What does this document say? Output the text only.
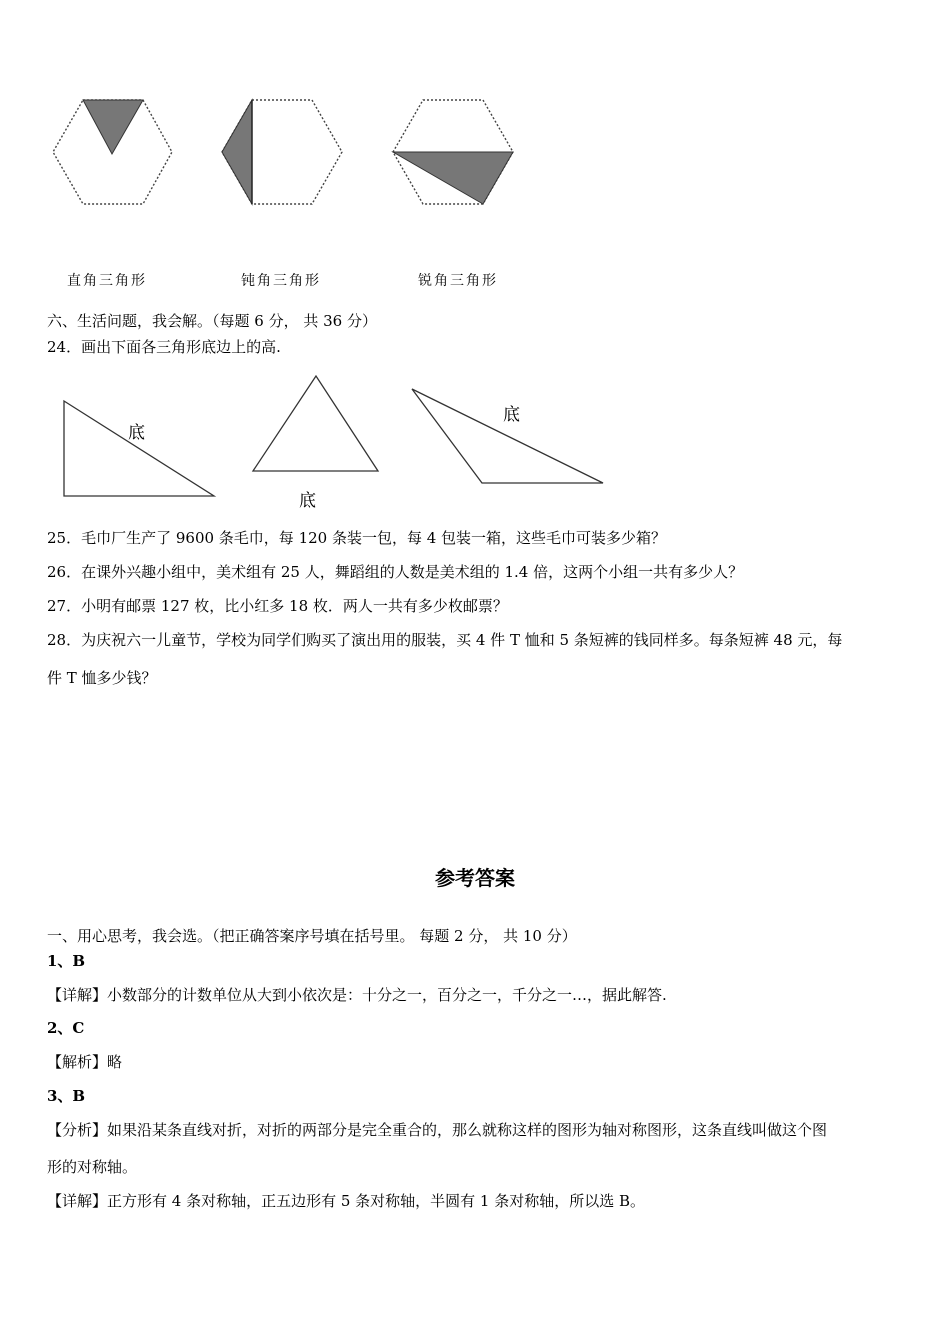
直角三角形	钝角三角形	锐角三角形
六、生活问题，我会解。（每题 6 分， 共 36 分）
24．画出下面各三角形底边上的高.
底
底
底
25．毛巾厂生产了 9600 条毛巾，每 120 条装一包，每 4 包装一箱，这些毛巾可装多少箱？
26．在课外兴趣小组中，美术组有 25 人，舞蹈组的人数是美术组的 1.4 倍，这两个小组一共有多少人？
27．小明有邮票 127 枚，比小红多 18 枚．两人一共有多少枚邮票？
28．为庆祝六一儿童节，学校为同学们购买了演出用的服装，买 4 件 T 恤和 5 条短裤的钱同样多。每条短裤 48 元，每
件 T 恤多少钱？
参考答案
一、用心思考，我会选。（把正确答案序号填在括号里。 每题 2 分， 共 10 分）
1、B
【详解】小数部分的计数单位从大到小依次是：十分之一，百分之一，千分之一…，据此解答.
2、C
【解析】略
3、B
【分析】如果沿某条直线对折，对折的两部分是完全重合的，那么就称这样的图形为轴对称图形，这条直线叫做这个图
形的对称轴。
【详解】正方形有 4 条对称轴，正五边形有 5 条对称轴，半圆有 1 条对称轴，所以选 B。
